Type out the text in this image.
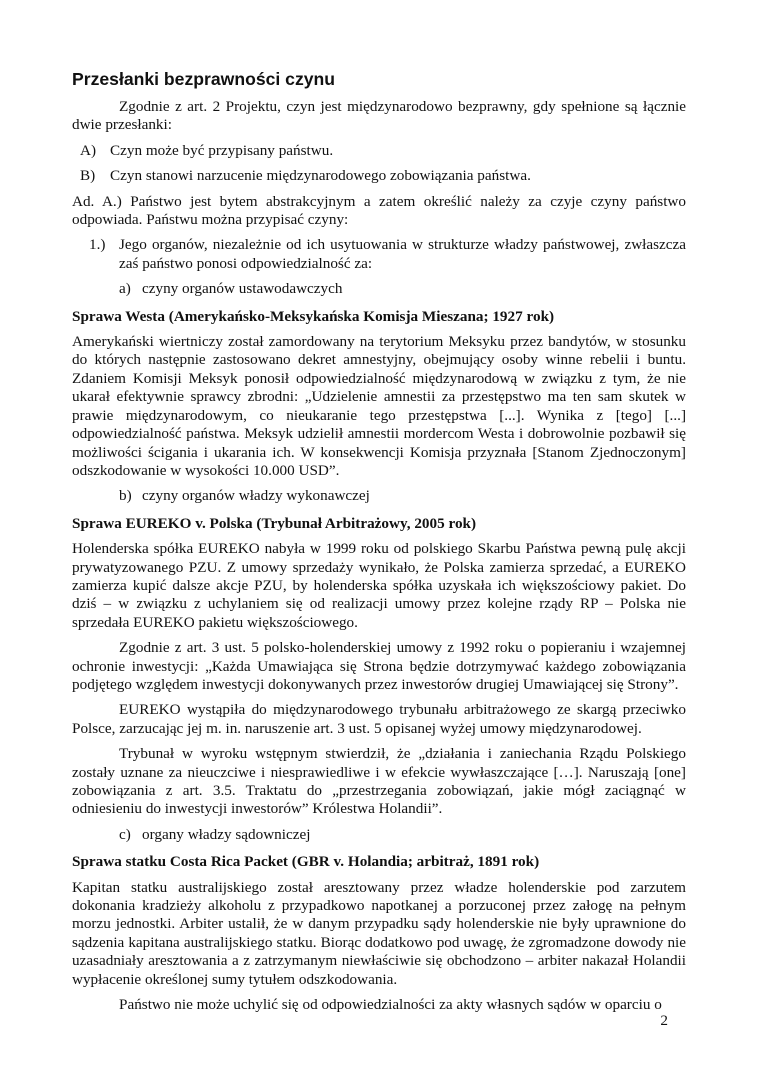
Przesłanki bezprawności czynu

Zgodnie z art. 2 Projektu, czyn jest międzynarodowo bezprawny, gdy spełnione są łącznie dwie przesłanki:

A) Czyn może być przypisany państwu.
B) Czyn stanowi narzucenie międzynarodowego zobowiązania państwa.

Ad. A.) Państwo jest bytem abstrakcyjnym a zatem określić należy za czyje czyny państwo odpowiada. Państwu można przypisać czyny:

1.) Jego organów, niezależnie od ich usytuowania w strukturze władzy państwowej, zwłaszcza zaś państwo ponosi odpowiedzialność za:
a) czyny organów ustawodawczych

Sprawa Westa (Amerykańsko-Meksykańska Komisja Mieszana; 1927 rok)

Amerykański wiertniczy został zamordowany na terytorium Meksyku przez bandytów, w stosunku do których następnie zastosowano dekret amnestyjny, obejmujący osoby winne rebelii i buntu. Zdaniem Komisji Meksyk ponosił odpowiedzialność międzynarodową w związku z tym, że nie ukarał efektywnie sprawcy zbrodni: „Udzielenie amnestii za przestępstwo ma ten sam skutek w prawie międzynarodowym, co nieukaranie tego przestępstwa [...]. Wynika z [tego] [...] odpowiedzialność państwa. Meksyk udzielił amnestii mordercom Westa i dobrowolnie pozbawił się możliwości ścigania i ukarania ich. W konsekwencji Komisja przyznała [Stanom Zjednoczonym] odszkodowanie w wysokości 10.000 USD”.

b) czyny organów władzy wykonawczej

Sprawa EUREKO v. Polska (Trybunał Arbitrażowy, 2005 rok)

Holenderska spółka EUREKO nabyła w 1999 roku od polskiego Skarbu Państwa pewną pulę akcji prywatyzowanego PZU. Z umowy sprzedaży wynikało, że Polska zamierza sprzedać, a EUREKO zamierza kupić dalsze akcje PZU, by holenderska spółka uzyskała ich większościowy pakiet. Do dziś – w związku z uchylaniem się od realizacji umowy przez kolejne rządy RP – Polska nie sprzedała EUREKO pakietu większościowego.

Zgodnie z art. 3 ust. 5 polsko-holenderskiej umowy z 1992 roku o popieraniu i wzajemnej ochronie inwestycji: „Każda Umawiająca się Strona będzie dotrzymywać każdego zobowiązania podjętego względem inwestycji dokonywanych przez inwestorów drugiej Umawiającej się Strony”.

EUREKO wystąpiła do międzynarodowego trybunału arbitrażowego ze skargą przeciwko Polsce, zarzucając jej m. in. naruszenie art. 3 ust. 5 opisanej wyżej umowy międzynarodowej.

Trybunał w wyroku wstępnym stwierdził, że „działania i zaniechania Rządu Polskiego zostały uznane za nieuczciwe i niesprawiedliwe i w efekcie wywłaszczające […]. Naruszają [one] zobowiązania z art. 3.5. Traktatu do „przestrzegania zobowiązań, jakie mógł zaciągnąć w odniesieniu do inwestycji inwestorów” Królestwa Holandii”.

c) organy władzy sądowniczej

Sprawa statku Costa Rica Packet (GBR v. Holandia; arbitraż, 1891 rok)

Kapitan statku australijskiego został aresztowany przez władze holenderskie pod zarzutem dokonania kradzieży alkoholu z przypadkowo napotkanej a porzuconej przez załogę na pełnym morzu jednostki. Arbiter ustalił, że w danym przypadku sądy holenderskie nie były uprawnione do sądzenia kapitana australijskiego statku. Biorąc dodatkowo pod uwagę, że zgromadzone dowody nie uzasadniały aresztowania a z zatrzymanym niewłaściwie się obchodzono – arbiter nakazał Holandii wypłacenie określonej sumy tytułem odszkodowania.

Państwo nie może uchylić się od odpowiedzialności za akty własnych sądów w oparciu o

2
